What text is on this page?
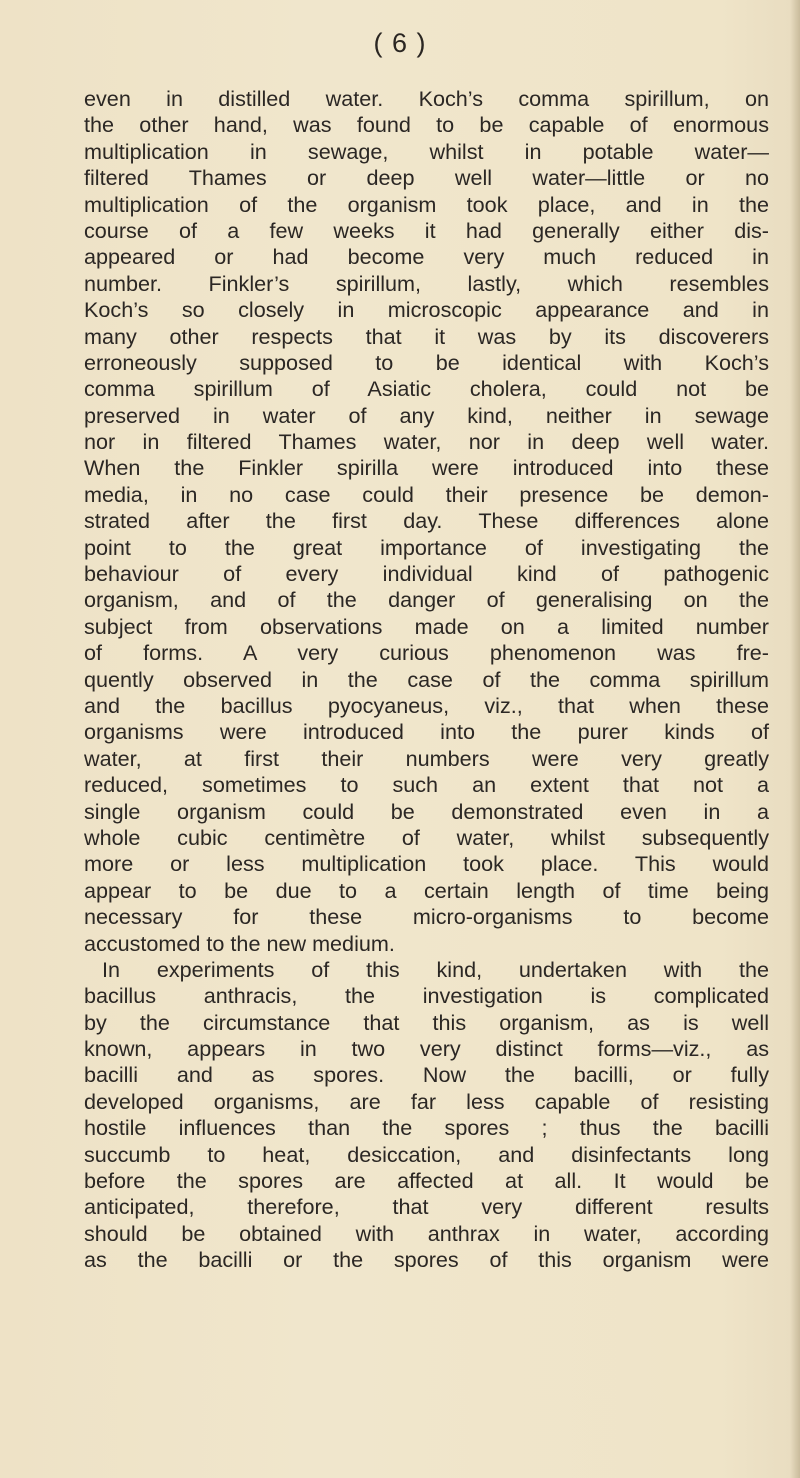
( 6 )
even in distilled water. Koch’s comma spirillum, on
the other hand, was found to be capable of enormous
multiplication in sewage, whilst in potable water—
filtered Thames or deep well water—little or no
multiplication of the organism took place, and in the
course of a few weeks it had generally either dis-
appeared or had become very much reduced in
number. Finkler’s spirillum, lastly, which resembles
Koch’s so closely in microscopic appearance and in
many other respects that it was by its discoverers
erroneously supposed to be identical with Koch’s
comma spirillum of Asiatic cholera, could not be
preserved in water of any kind, neither in sewage
nor in filtered Thames water, nor in deep well water.
When the Finkler spirilla were introduced into these
media, in no case could their presence be demon-
strated after the first day. These differences alone
point to the great importance of investigating the
behaviour of every individual kind of pathogenic
organism, and of the danger of generalising on the
subject from observations made on a limited number
of forms. A very curious phenomenon was fre-
quently observed in the case of the comma spirillum
and the bacillus pyocyaneus, viz., that when these
organisms were introduced into the purer kinds of
water, at first their numbers were very greatly
reduced, sometimes to such an extent that not a
single organism could be demonstrated even in a
whole cubic centimètre of water, whilst subsequently
more or less multiplication took place. This would
appear to be due to a certain length of time being
necessary for these micro-organisms to become
accustomed to the new medium.
In experiments of this kind, undertaken with the
bacillus anthracis, the investigation is complicated
by the circumstance that this organism, as is well
known, appears in two very distinct forms—viz., as
bacilli and as spores. Now the bacilli, or fully
developed organisms, are far less capable of resisting
hostile influences than the spores ; thus the bacilli
succumb to heat, desiccation, and disinfectants long
before the spores are affected at all. It would be
anticipated, therefore, that very different results
should be obtained with anthrax in water, according
as the bacilli or the spores of this organism were
